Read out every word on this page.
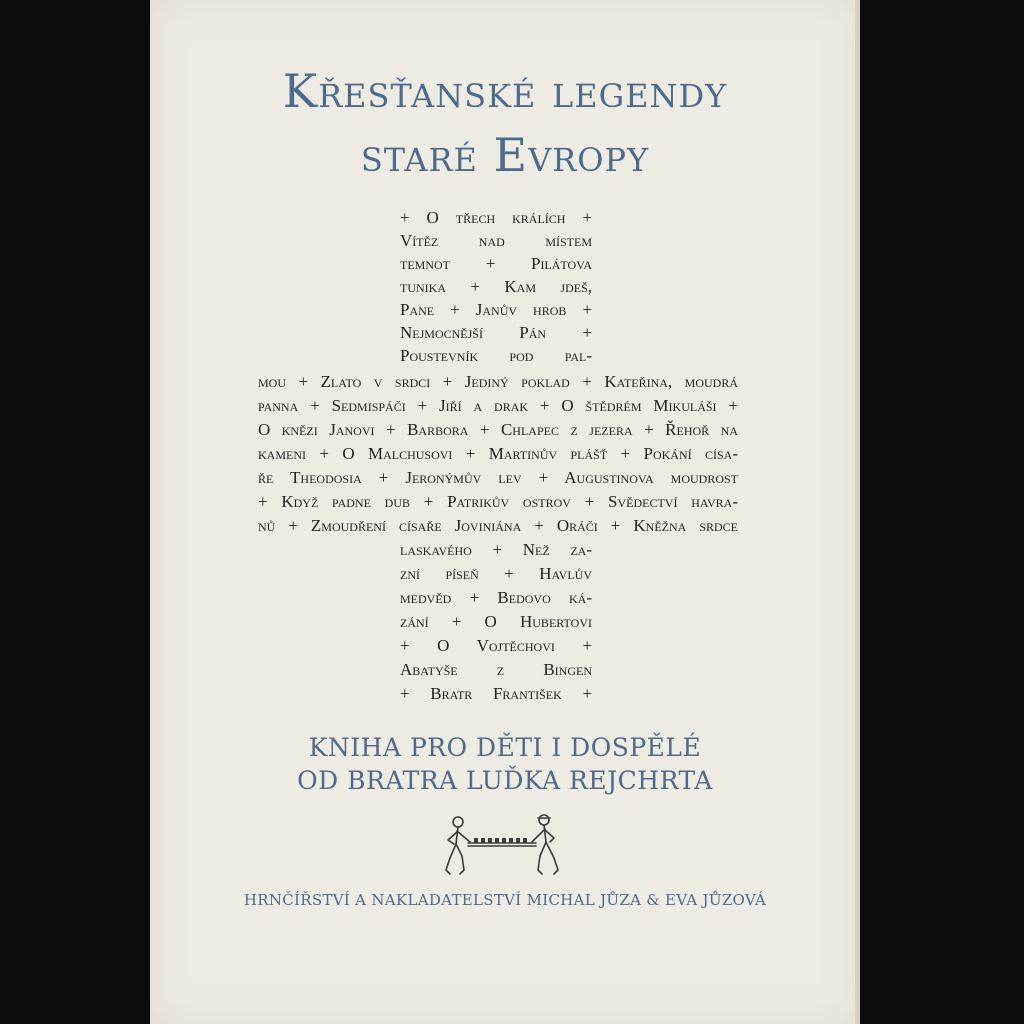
Křesťanské legendy
staré Evropy
+ O třech králích +
Vítěz nad místem
temnot + Pilátova
tunika + Kam jdeš,
Pane + Janův hrob +
Nejmocnější Pán +
Poustevník pod pal-
mou + Zlato v srdci + Jediný poklad + Kateřina, moudrá
panna + Sedmispáči + Jiří a drak + O štědrém Mikuláši +
O knězi Janovi + Barbora + Chlapec z jezera + Řehoř na
kameni + O Malchusovi + Martinův plášť + Pokání císa-
ře Theodosia + Jeronýmův lev + Augustinova moudrost
+ Když padne dub + Patrikův ostrov + Svědectví havra-
nů + Zmoudření císaře Joviniána + Oráči + Kněžna srdce
laskavého + Než za-
zní píseň + Havlův
medvěd + Bedovo ká-
zání + O Hubertovi
+ O Vojtěchovi +
Abatyše z Bingen
+ Bratr František +
KNIHA PRO DĚTI I DOSPĚLÉ
OD BRATRA LUĎKA REJCHRTA
HRNČÍŘSTVÍ A NAKLADATELSTVÍ MICHAL JŮZA & EVA JŮZOVÁ
